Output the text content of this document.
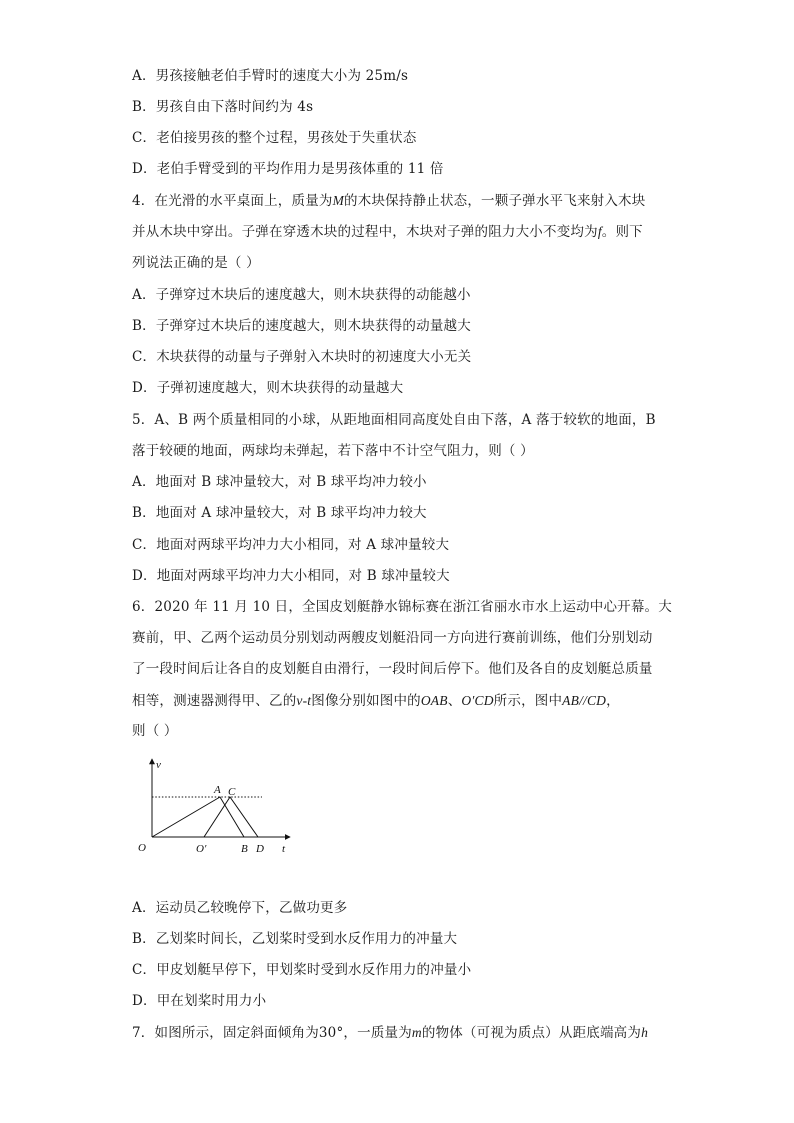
A．男孩接触老伯手臂时的速度大小为 25m/s
B．男孩自由下落时间约为 4s
C．老伯接男孩的整个过程，男孩处于失重状态
D．老伯手臂受到的平均作用力是男孩体重的 11 倍
4．在光滑的水平桌面上，质量为M的木块保持静止状态，一颗子弹水平飞来射入木块
并从木块中穿出。子弹在穿透木块的过程中，木块对子弹的阻力大小不变均为f。则下
列说法正确的是（ ）
A．子弹穿过木块后的速度越大，则木块获得的动能越小
B．子弹穿过木块后的速度越大，则木块获得的动量越大
C．木块获得的动量与子弹射入木块时的初速度大小无关
D．子弹初速度越大，则木块获得的动量越大
5．A、B 两个质量相同的小球，从距地面相同高度处自由下落，A 落于较软的地面，B
落于较硬的地面，两球均未弹起，若下落中不计空气阻力，则（ ）
A．地面对 B 球冲量较大，对 B 球平均冲力较小
B．地面对 A 球冲量较大，对 B 球平均冲力较大
C．地面对两球平均冲力大小相同，对 A 球冲量较大
D．地面对两球平均冲力大小相同，对 B 球冲量较大
6．2020 年 11 月 10 日，全国皮划艇静水锦标赛在浙江省丽水市水上运动中心开幕。大
赛前，甲、乙两个运动员分别划动两艘皮划艇沿同一方向进行赛前训练，他们分别划动
了一段时间后让各自的皮划艇自由滑行，一段时间后停下。他们及各自的皮划艇总质量
相等，测速器测得甲、乙的v-t图像分别如图中的OAB、O′CD所示，图中AB//CD，
则（ ）
v
t
O	O′
A C
B D
A．运动员乙较晚停下，乙做功更多
B．乙划桨时间长，乙划桨时受到水反作用力的冲量大
C．甲皮划艇早停下，甲划桨时受到水反作用力的冲量小
D．甲在划桨时用力小
7．如图所示，固定斜面倾角为30°，一质量为m的物体（可视为质点）从距底端高为h
